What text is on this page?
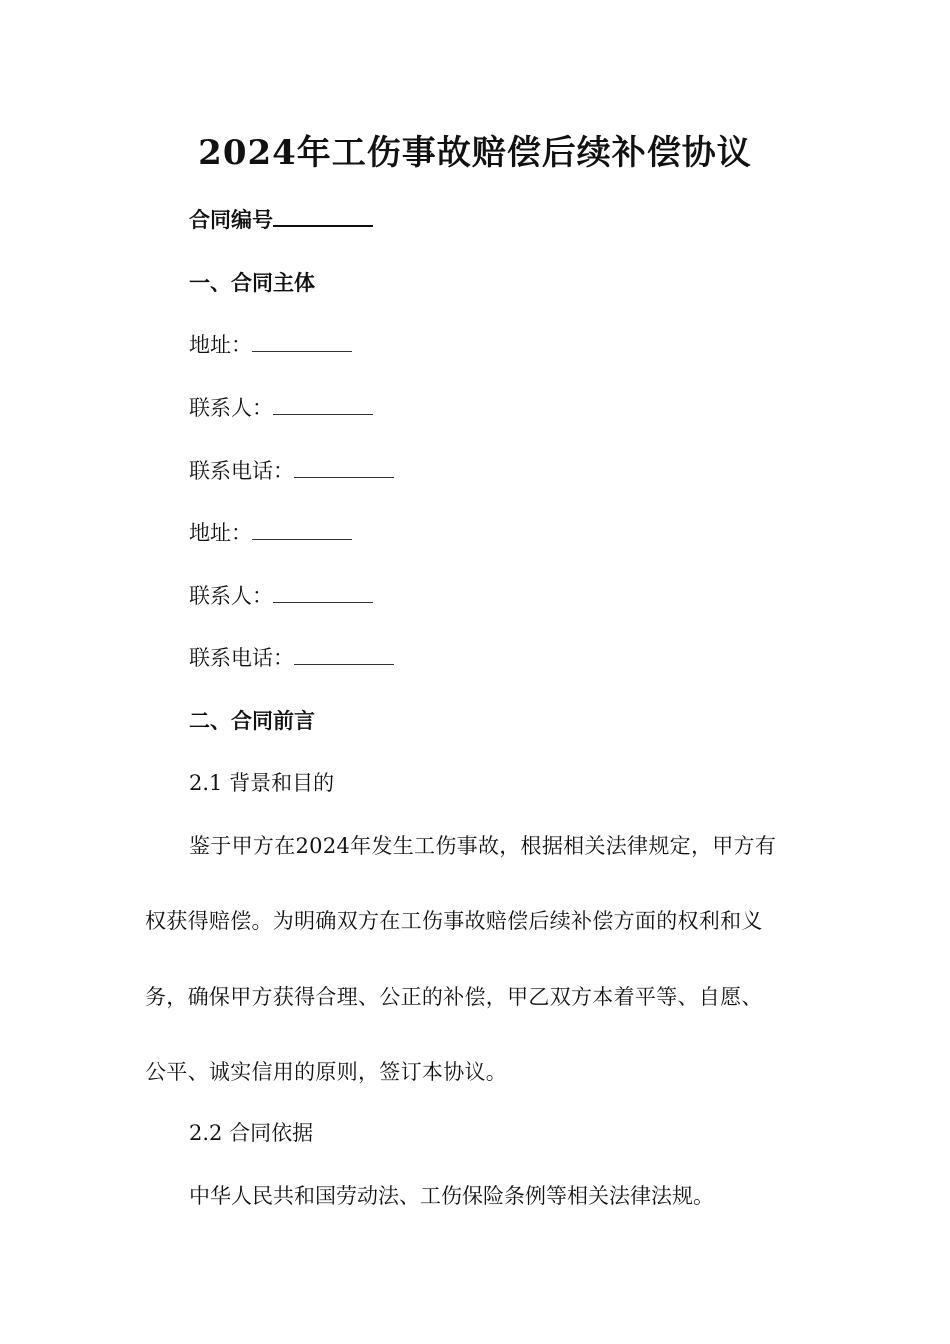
2024年工伤事故赔偿后续补偿协议
合同编号
一、合同主体
地址：
联系人：
联系电话：
地址：
联系人：
联系电话：
二、合同前言
2.1 背景和目的
鉴于甲方在2024年发生工伤事故，根据相关法律规定，甲方有
权获得赔偿。为明确双方在工伤事故赔偿后续补偿方面的权利和义
务，确保甲方获得合理、公正的补偿，甲乙双方本着平等、自愿、
公平、诚实信用的原则，签订本协议。
2.2 合同依据
中华人民共和国劳动法、工伤保险条例等相关法律法规。
